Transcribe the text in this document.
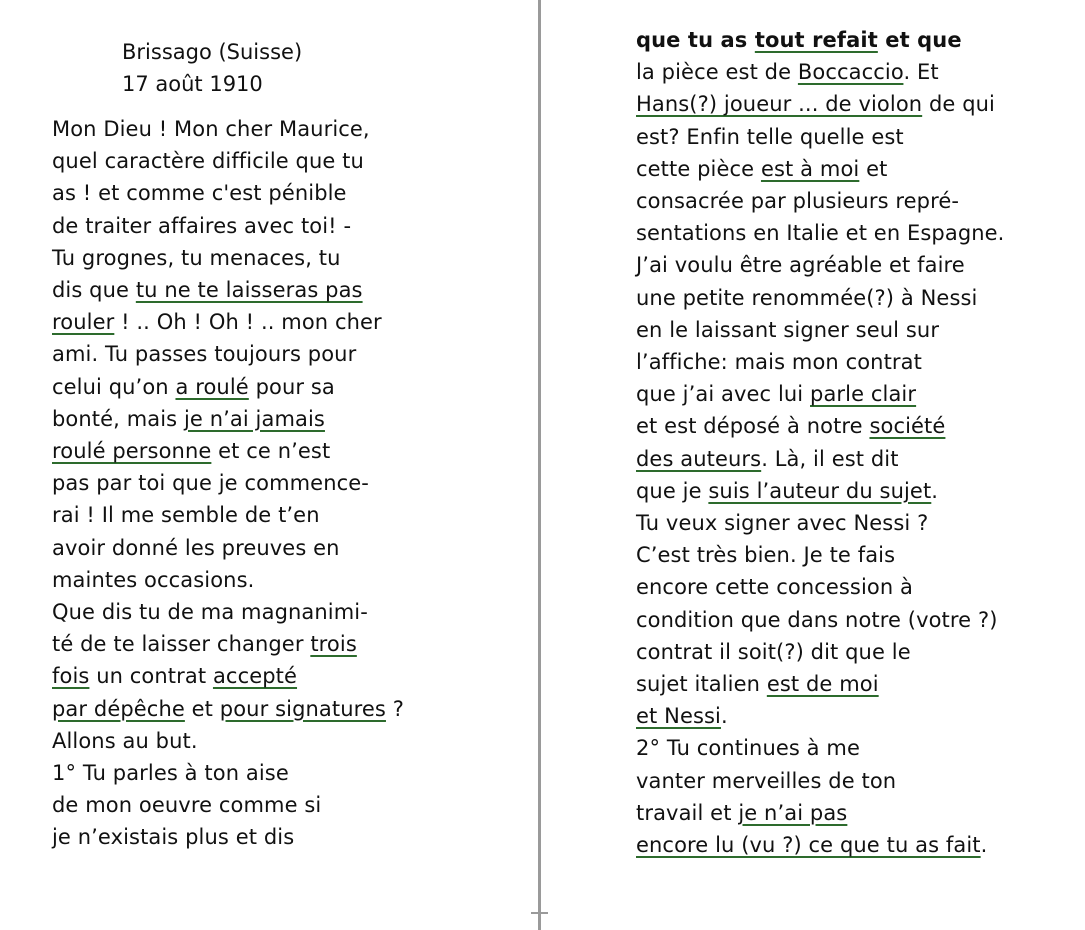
Brissago (Suisse)
17 août 1910
Mon Dieu ! Mon cher Maurice,
quel caractère difficile que tu
as ! et comme c'est pénible
de traiter affaires avec toi! -
Tu grognes, tu menaces, tu
dis que tu ne te laisseras pas
rouler ! .. Oh ! Oh ! .. mon cher
ami. Tu passes toujours pour
celui qu’on a roulé pour sa
bonté, mais je n’ai jamais
roulé personne et ce n’est
pas par toi que je commence-
rai ! Il me semble de t’en
avoir donné les preuves en
maintes occasions.
Que dis tu de ma magnanimi-
té de te laisser changer trois
fois un contrat accepté
par dépêche et pour signatures ?
Allons au but.
1° Tu parles à ton aise
de mon oeuvre comme si
je n’existais plus et dis
que tu as tout refait et que
la pièce est de Boccaccio. Et
Hans(?) joueur ... de violon de qui
est? Enfin telle quelle est
cette pièce est à moi et
consacrée par plusieurs repré-
sentations en Italie et en Espagne.
J’ai voulu être agréable et faire
une petite renommée(?) à Nessi
en le laissant signer seul sur
l’affiche: mais mon contrat
que j’ai avec lui parle clair
et est déposé à notre société
des auteurs. Là, il est dit
que je suis l’auteur du sujet.
Tu veux signer avec Nessi ?
C’est très bien. Je te fais
encore cette concession à
condition que dans notre (votre ?)
contrat il soit(?) dit que le
sujet italien est de moi
et Nessi.
2° Tu continues à me
vanter merveilles de ton
travail et je n’ai pas
encore lu (vu ?) ce que tu as fait.
